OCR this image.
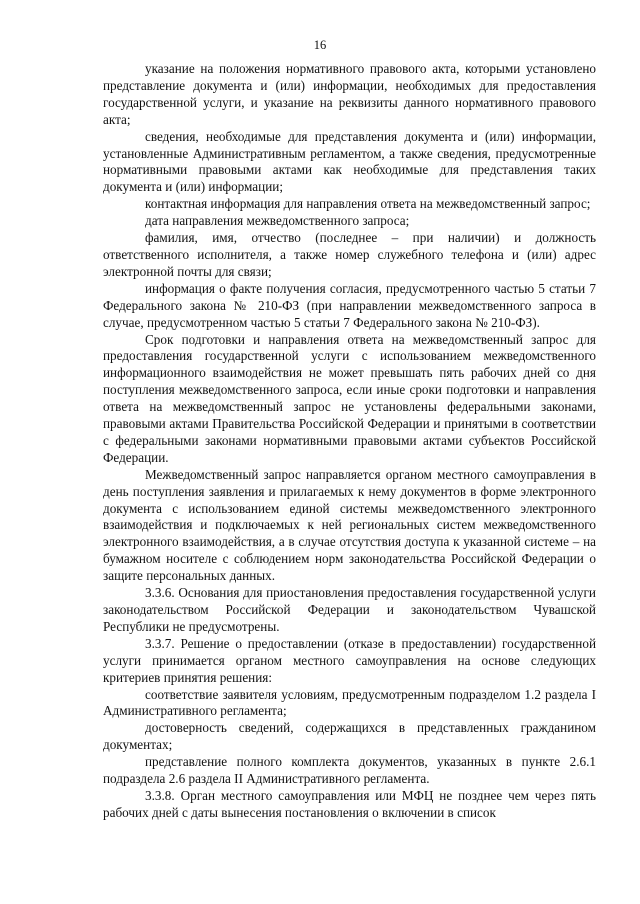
16

указание на положения нормативного правового акта, которыми установлено представление документа и (или) информации, необходимых для предоставления государственной услуги, и указание на реквизиты данного нормативного правового акта;

сведения, необходимые для представления документа и (или) информации, установленные Административным регламентом, а также сведения, предусмотренные нормативными правовыми актами как необходимые для представления таких документа и (или) информации;

контактная информация для направления ответа на межведомственный запрос;

дата направления межведомственного запроса;

фамилия, имя, отчество (последнее – при наличии) и должность ответственного исполнителя, а также номер служебного телефона и (или) адрес электронной почты для связи;

информация о факте получения согласия, предусмотренного частью 5 статьи 7 Федерального закона № 210-ФЗ (при направлении межведомственного запроса в случае, предусмотренном частью 5 статьи 7 Федерального закона № 210-ФЗ).

Срок подготовки и направления ответа на межведомственный запрос для предоставления государственной услуги с использованием межведомственного информационного взаимодействия не может превышать пять рабочих дней со дня поступления межведомственного запроса, если иные сроки подготовки и направления ответа на межведомственный запрос не установлены федеральными законами, правовыми актами Правительства Российской Федерации и принятыми в соответствии с федеральными законами нормативными правовыми актами субъектов Российской Федерации.

Межведомственный запрос направляется органом местного самоуправления в день поступления заявления и прилагаемых к нему документов в форме электронного документа с использованием единой системы межведомственного электронного взаимодействия и подключаемых к ней региональных систем межведомственного электронного взаимодействия, а в случае отсутствия доступа к указанной системе – на бумажном носителе с соблюдением норм законодательства Российской Федерации о защите персональных данных.

3.3.6. Основания для приостановления предоставления государственной услуги законодательством Российской Федерации и законодательством Чувашской Республики не предусмотрены.

3.3.7. Решение о предоставлении (отказе в предоставлении) государственной услуги принимается органом местного самоуправления на основе следующих критериев принятия решения:

соответствие заявителя условиям, предусмотренным подразделом 1.2 раздела I Административного регламента;

достоверность сведений, содержащихся в представленных гражданином документах;

представление полного комплекта документов, указанных в пункте 2.6.1 подраздела 2.6 раздела II Административного регламента.

3.3.8. Орган местного самоуправления или МФЦ не позднее чем через пять рабочих дней с даты вынесения постановления о включении в список
